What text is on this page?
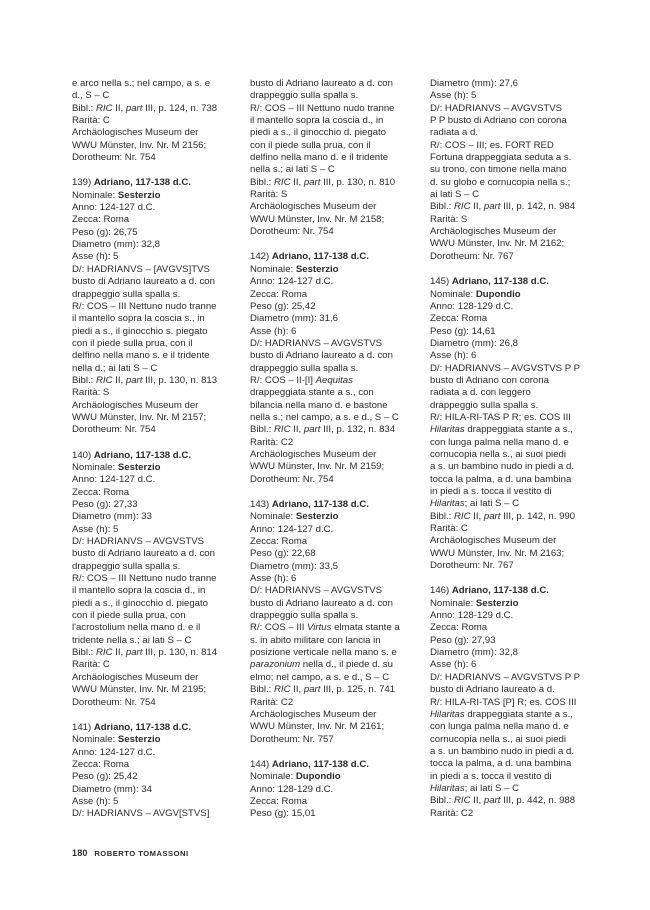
e arco nella s.; nel campo, a s. e

d., S – C

Bibl.: RIC II, part III, p. 124, n. 738

Rarità: C

Archäologisches Museum der

WWU Münster, Inv. Nr. M 2156;

Dorotheum: Nr. 754

139) Adriano, 117-138 d.C.

Nominale: Sesterzio

Anno: 124-127 d.C.

Zecca: Roma

Peso (g): 26,75

Diametro (mm): 32,8

Asse (h): 5

D/: HADRIANVS – [AVGVS]TVS

busto di Adriano laureato a d. con

drappeggio sulla spalla s.

R/: COS – III Nettuno nudo tranne

il mantello sopra la coscia s., in

piedi a s., il ginocchio s. piegato

con il piede sulla prua, con il

delfino nella mano s. e il tridente

nella d.; ai lati S – C

Bibl.: RIC II, part III, p. 130, n. 813

Rarità: S

Archäologisches Museum der

WWU Münster, Inv. Nr. M 2157;

Dorotheum: Nr. 754

140) Adriano, 117-138 d.C.

Nominale: Sesterzio

Anno: 124-127 d.C.

Zecca: Roma

Peso (g): 27,33

Diametro (mm): 33

Asse (h): 5

D/: HADRIANVS – AVGVSTVS

busto di Adriano laureato a d. con

drappeggio sulla spalla s.

R/: COS – III Nettuno nudo tranne

il mantello sopra la coscia d., in

piedi a s., il ginocchio d. piegato

con il piede sulla prua, con

l'acrostolium nella mano d. e il

tridente nella s.; ai lati S – C

Bibl.: RIC II, part III, p. 130, n. 814

Rarità: C

Archäologisches Museum der

WWU Münster, Inv. Nr. M 2195;

Dorotheum: Nr. 754

141) Adriano, 117-138 d.C.

Nominale: Sesterzio

Anno: 124-127 d.C.

Zecca: Roma

Peso (g): 25,42

Diametro (mm): 34

Asse (h): 5

D/: HADRIANVS – AVGV[STVS]

busto di Adriano laureato a d. con

drappeggio sulla spalla s.

R/: COS – III Nettuno nudo tranne

il mantello sopra la coscia d., in

piedi a s., il ginocchio d. piegato

con il piede sulla prua, con il

delfino nella mano d. e il tridente

nella s.; ai lati S – C

Bibl.: RIC II, part III, p. 130, n. 810

Rarità: S

Archäologisches Museum der

WWU Münster, Inv. Nr. M 2158;

Dorotheum: Nr. 754

142) Adriano, 117-138 d.C.

Nominale: Sesterzio

Anno: 124-127 d.C.

Zecca: Roma

Peso (g): 25,42

Diametro (mm): 31,6

Asse (h): 6

D/: HADRIANVS – AVGVSTVS

busto di Adriano laureato a d. con

drappeggio sulla spalla s.

R/: COS – II-[I] Aequitas

drappeggiata stante a s., con

bilancia nella mano d. e bastone

nella s.; nel campo, a s. e d., S – C

Bibl.: RIC II, part III, p. 132, n. 834

Rarità: C2

Archäologisches Museum der

WWU Münster, Inv. Nr. M 2159;

Dorotheum: Nr. 754

143) Adriano, 117-138 d.C.

Nominale: Sesterzio

Anno: 124-127 d.C.

Zecca: Roma

Peso (g): 22,68

Diametro (mm): 33,5

Asse (h): 6

D/: HADRIANVS – AVGVSTVS

busto di Adriano laureato a d. con

drappeggio sulla spalla s.

R/: COS – III Virtus elmata stante a

s. in abito militare con lancia in

posizione verticale nella mano s. e

parazonium nella d., il piede d. su

elmo; nel campo, a s. e d., S – C

Bibl.: RIC II, part III, p. 125, n. 741

Rarità: C2

Archäologisches Museum der

WWU Münster, Inv. Nr. M 2161;

Dorotheum: Nr. 757

144) Adriano, 117-138 d.C.

Nominale: Dupondio

Anno: 128-129 d.C.

Zecca: Roma

Peso (g): 15,01

Diametro (mm): 27,6

Asse (h): 5

D/: HADRIANVS – AVGVSTVS

P P busto di Adriano con corona

radiata a d.

R/: COS – III; es. FORT RED

Fortuna drappeggiata seduta a s.

su trono, con timone nella mano

d. su globo e cornucopia nella s.;

ai lati S – C

Bibl.: RIC II, part III, p. 142, n. 984

Rarità: S

Archäologisches Museum der

WWU Münster, Inv. Nr. M 2162;

Dorotheum: Nr. 767

145) Adriano, 117-138 d.C.

Nominale: Dupondio

Anno: 128-129 d.C.

Zecca: Roma

Peso (g): 14,61

Diametro (mm): 26,8

Asse (h): 6

D/: HADRIANVS – AVGVSTVS P P

busto di Adriano con corona

radiata a d. con leggero

drappeggio sulla spalla s.

R/: HILA-RI-TAS P R; es. COS III

Hilaritas drappeggiata stante a s.,

con lunga palma nella mano d. e

cornucopia nella s., ai suoi piedi

a s. un bambino nudo in piedi a d.

tocca la palma, a d. una bambina

in piedi a s. tocca il vestito di

Hilaritas; ai lati S – C

Bibl.: RIC II, part III, p. 142, n. 990

Rarità: C

Archäologisches Museum der

WWU Münster, Inv. Nr. M 2163;

Dorotheum: Nr. 767

146) Adriano, 117-138 d.C.

Nominale: Sesterzio

Anno: 128-129 d.C.

Zecca: Roma

Peso (g): 27,93

Diametro (mm): 32,8

Asse (h): 6

D/: HADRIANVS – AVGVSTVS P P

busto di Adriano laureato a d.

R/: HILA-RI-TAS [P] R; es. COS III

Hilaritas drappeggiata stante a s.,

con lunga palma nella mano d. e

cornucopia nella s., ai suoi piedi

a s. un bambino nudo in piedi a d.

tocca la palma, a d. una bambina

in piedi a s. tocca il vestito di

Hilaritas; ai lati S – C

Bibl.: RIC II, part III, p. 442, n. 988

Rarità: C2

180 ROBERTO TOMASSONI
